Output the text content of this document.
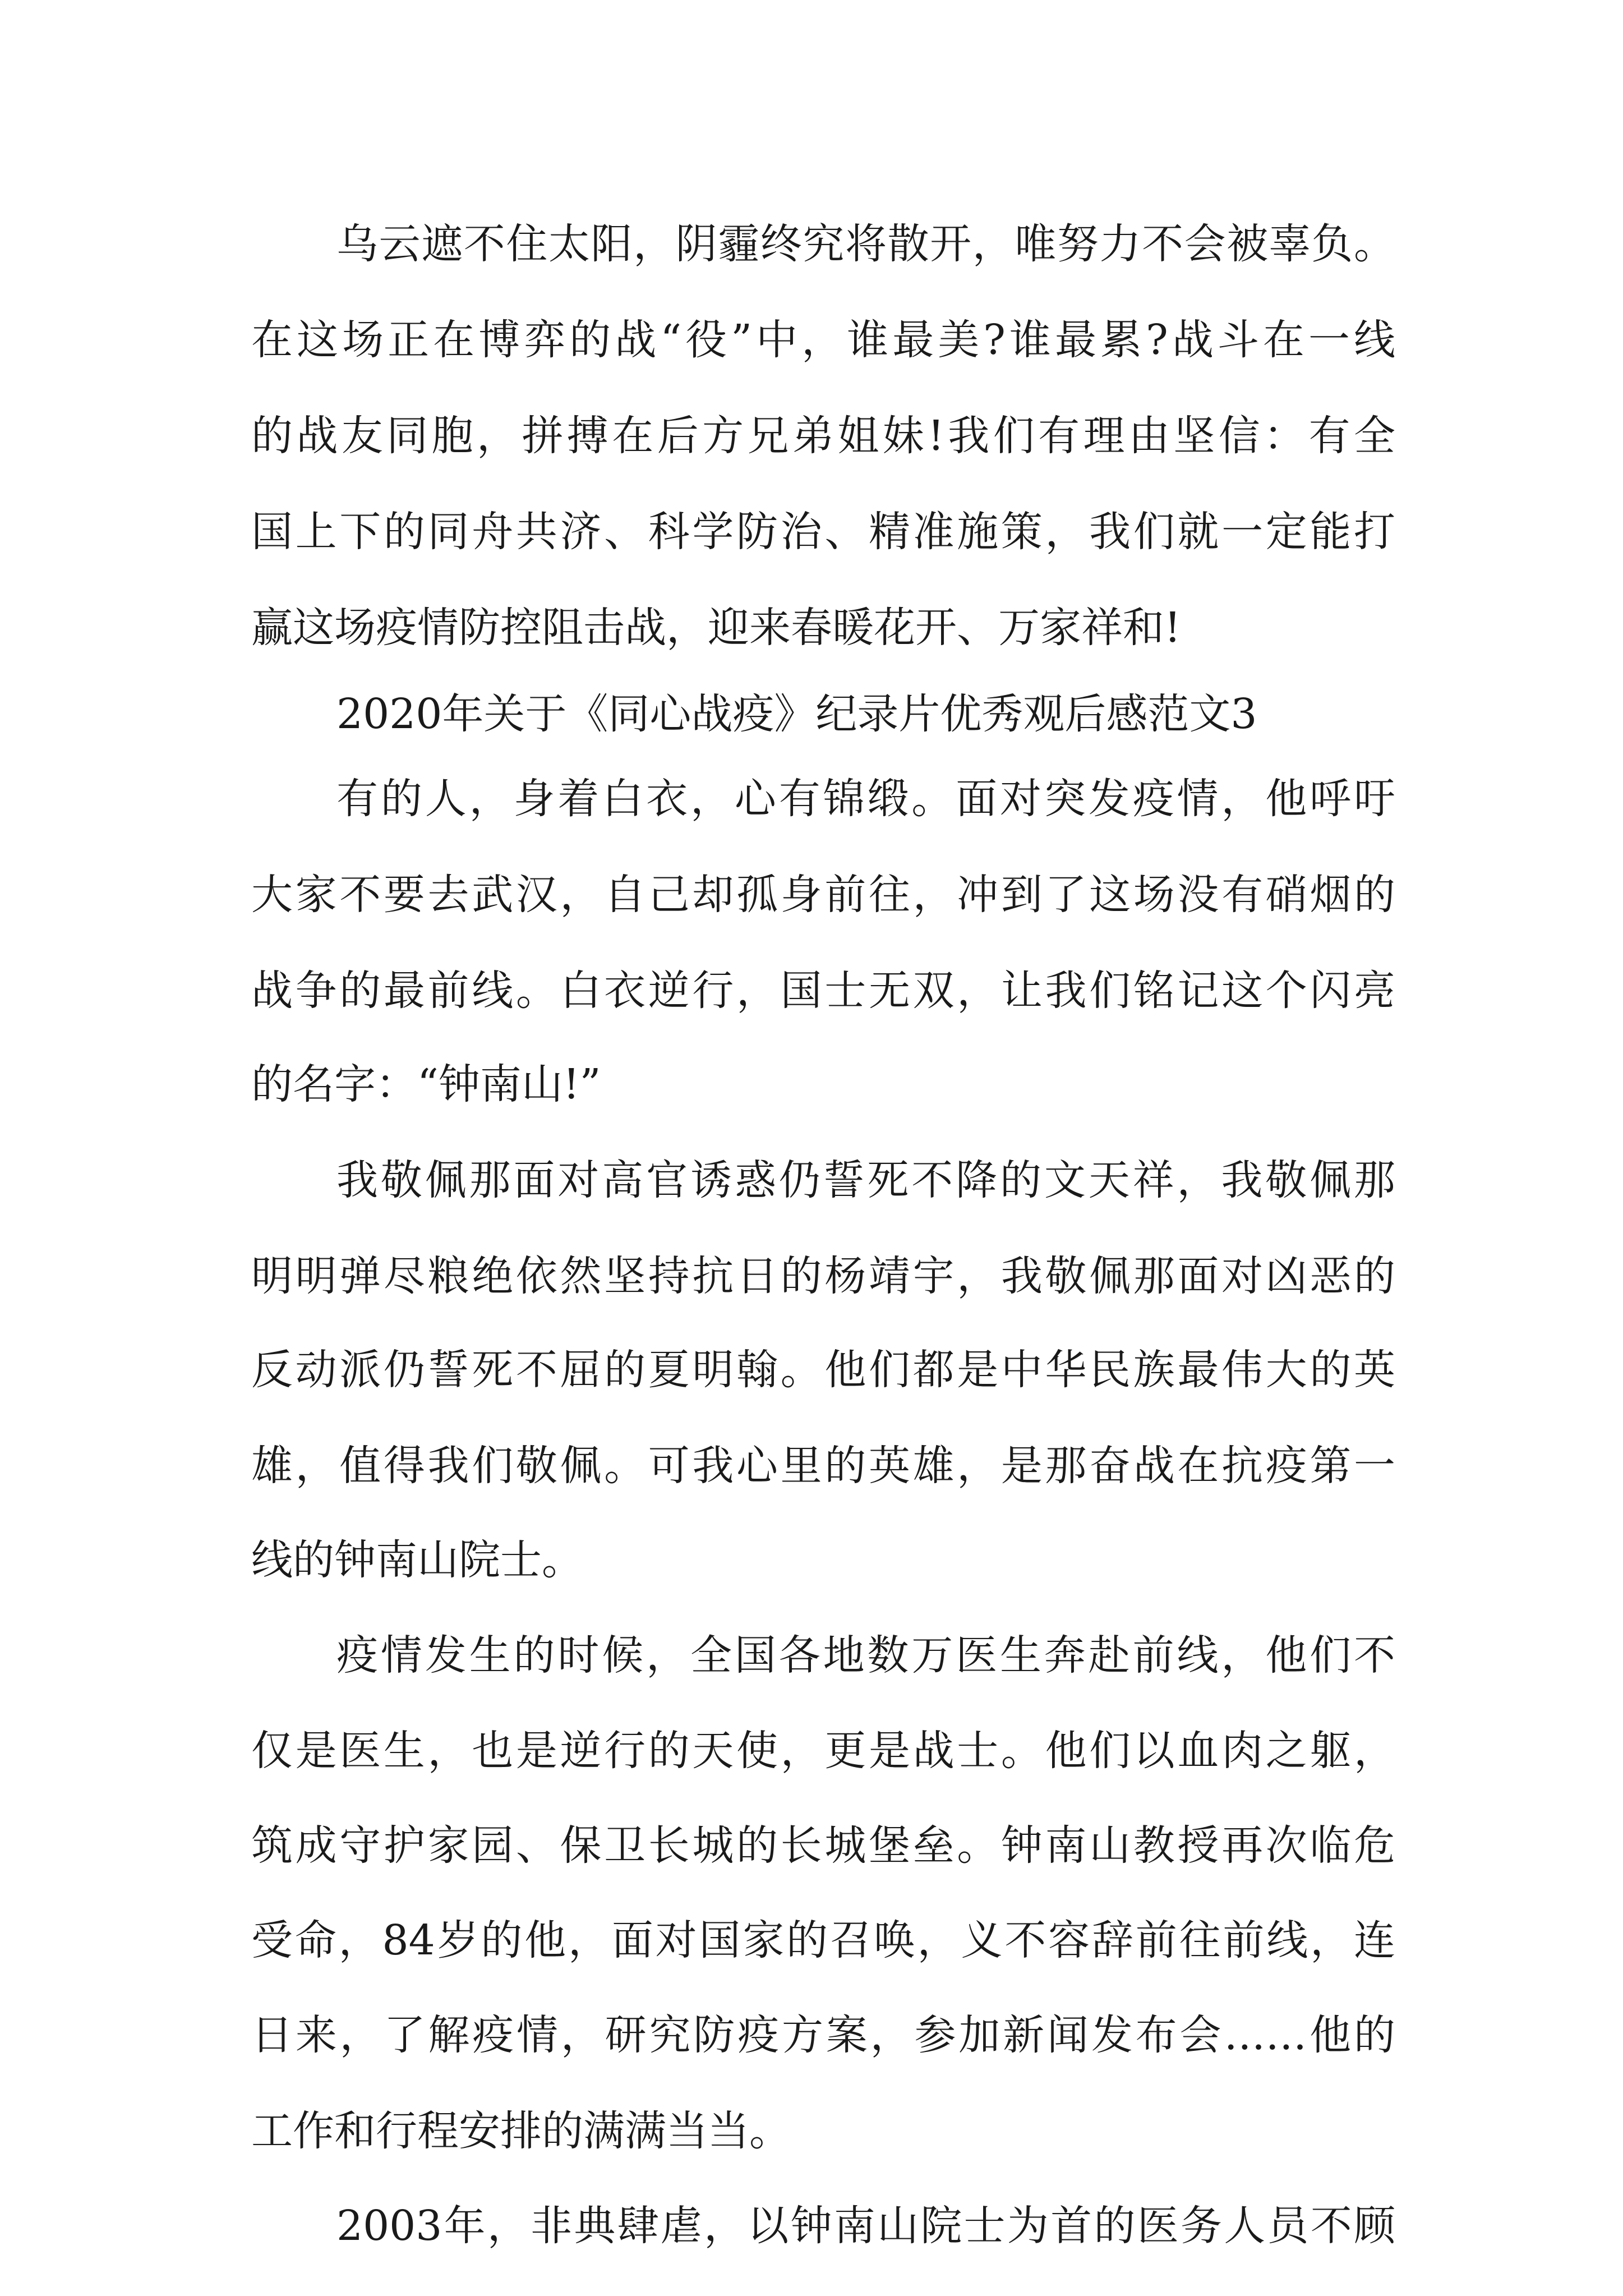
乌云遮不住太阳，阴霾终究将散开，唯努力不会被辜负。
在这场正在博弈的战“役”中，谁最美?谁最累?战斗在一线
的战友同胞，拼搏在后方兄弟姐妹!我们有理由坚信：有全
国上下的同舟共济、科学防治、精准施策，我们就一定能打
赢这场疫情防控阻击战，迎来春暖花开、万家祥和!
2020年关于《同心战疫》纪录片优秀观后感范文3
有的人，身着白衣，心有锦缎。面对突发疫情，他呼吁
大家不要去武汉，自己却孤身前往，冲到了这场没有硝烟的
战争的最前线。白衣逆行，国士无双，让我们铭记这个闪亮
的名字：“钟南山!”
我敬佩那面对高官诱惑仍誓死不降的文天祥，我敬佩那
明明弹尽粮绝依然坚持抗日的杨靖宇，我敬佩那面对凶恶的
反动派仍誓死不屈的夏明翰。他们都是中华民族最伟大的英
雄，值得我们敬佩。可我心里的英雄，是那奋战在抗疫第一
线的钟南山院士。
疫情发生的时候，全国各地数万医生奔赴前线，他们不
仅是医生，也是逆行的天使，更是战士。他们以血肉之躯，
筑成守护家园、保卫长城的长城堡垒。钟南山教授再次临危
受命，84岁的他，面对国家的召唤，义不容辞前往前线，连
日来，了解疫情，研究防疫方案，参加新闻发布会……他的
工作和行程安排的满满当当。
2003年，非典肆虐，以钟南山院士为首的医务人员不顾
